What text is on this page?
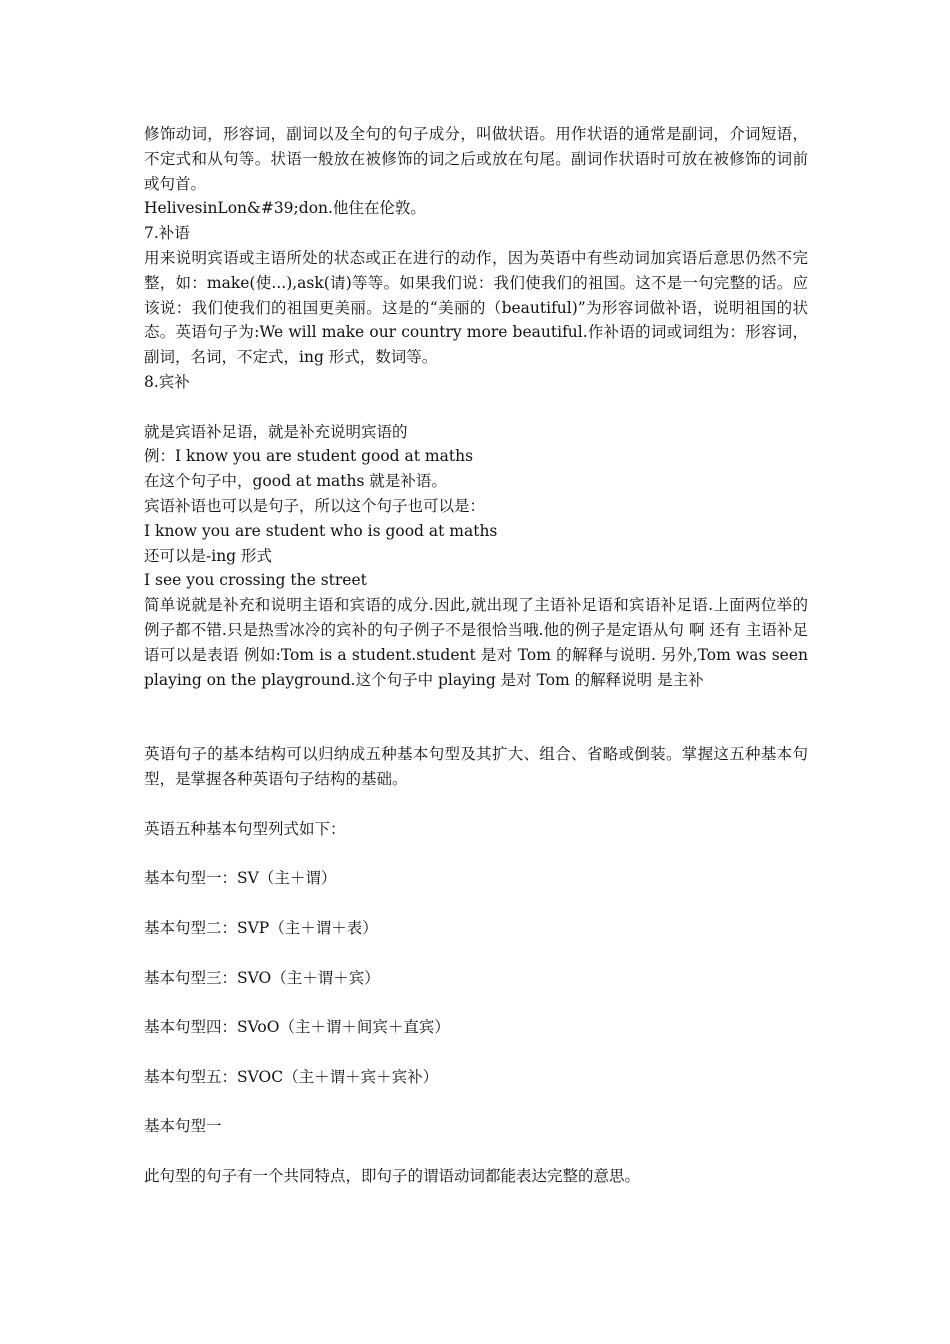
修饰动词，形容词，副词以及全句的句子成分，叫做状语。用作状语的通常是副词，介词短语，不定式和从句等。状语一般放在被修饰的词之后或放在句尾。副词作状语时可放在被修饰的词前或句首。
HelivesinLon&#39;don.他住在伦敦。
7.补语
用来说明宾语或主语所处的状态或正在进行的动作，因为英语中有些动词加宾语后意思仍然不完整，如：make(使...),ask(请)等等。如果我们说：我们使我们的祖国。这不是一句完整的话。应该说：我们使我们的祖国更美丽。这是的“美丽的（beautiful)”为形容词做补语，说明祖国的状态。英语句子为:We will make our country more beautiful.作补语的词或词组为：形容词，副词，名词，不定式，ing 形式，数词等。
8.宾补
就是宾语补足语，就是补充说明宾语的
例：I know you are student good at maths
在这个句子中，good at maths 就是补语。
宾语补语也可以是句子，所以这个句子也可以是：
I know you are student who is good at maths
还可以是-ing 形式
I see you crossing the street
简单说就是补充和说明主语和宾语的成分.因此,就出现了主语补足语和宾语补足语.上面两位举的例子都不错.只是热雪冰冷的宾补的句子例子不是很恰当哦.他的例子是定语从句 啊 还有 主语补足语可以是表语 例如:Tom is a student.student 是对 Tom 的解释与说明. 另外,Tom was seen playing on the playground.这个句子中 playing 是对 Tom 的解释说明 是主补
英语句子的基本结构可以归纳成五种基本句型及其扩大、组合、省略或倒装。掌握这五种基本句型，是掌握各种英语句子结构的基础。
英语五种基本句型列式如下：
基本句型一：SV（主＋谓）
基本句型二：SVP（主＋谓＋表）
基本句型三：SVO（主＋谓＋宾）
基本句型四：SVoO（主＋谓＋间宾＋直宾）
基本句型五：SVOC（主＋谓＋宾＋宾补）
基本句型一
此句型的句子有一个共同特点，即句子的谓语动词都能表达完整的意思。
